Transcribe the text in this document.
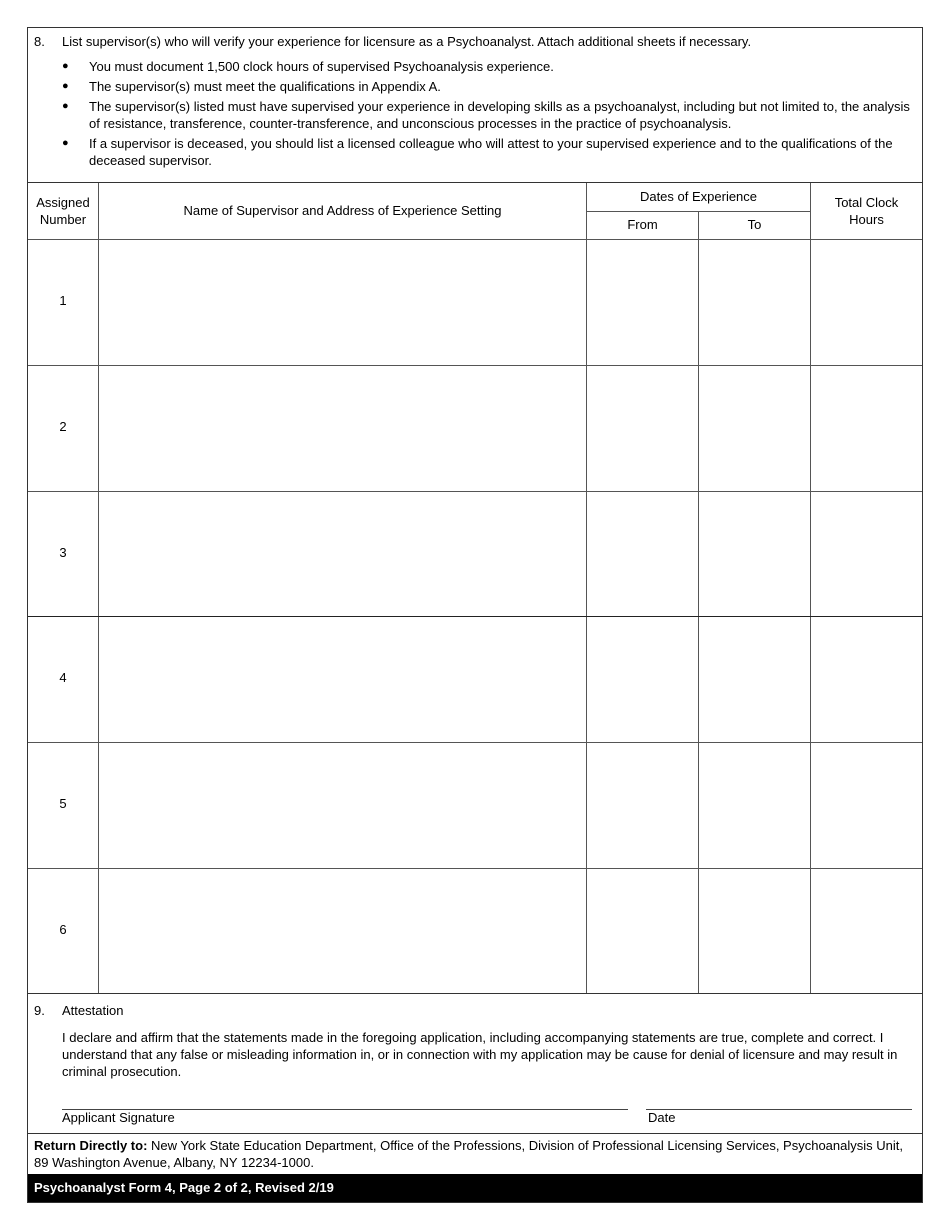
8. List supervisor(s) who will verify your experience for licensure as a Psychoanalyst. Attach additional sheets if necessary.
● You must document 1,500 clock hours of supervised Psychoanalysis experience.
● The supervisor(s) must meet the qualifications in Appendix A.
● The supervisor(s) listed must have supervised your experience in developing skills as a psychoanalyst, including but not limited to, the analysis of resistance, transference, counter-transference, and unconscious processes in the practice of psychoanalysis.
● If a supervisor is deceased, you should list a licensed colleague who will attest to your supervised experience and to the qualifications of the deceased supervisor.
Assigned
Number
Name of Supervisor and Address of Experience Setting
Dates of Experience
From	To
Total Clock
Hours
1
2
3
4
5
6
9. Attestation
I declare and affirm that the statements made in the foregoing application, including accompanying statements are true, complete and correct. I understand that any false or misleading information in, or in connection with my application may be cause for denial of licensure and may result in criminal prosecution.
Applicant Signature	Date
Return Directly to: New York State Education Department, Office of the Professions, Division of Professional Licensing Services, Psychoanalysis Unit, 89 Washington Avenue, Albany, NY 12234-1000.
Psychoanalyst Form 4, Page 2 of 2, Revised 2/19
